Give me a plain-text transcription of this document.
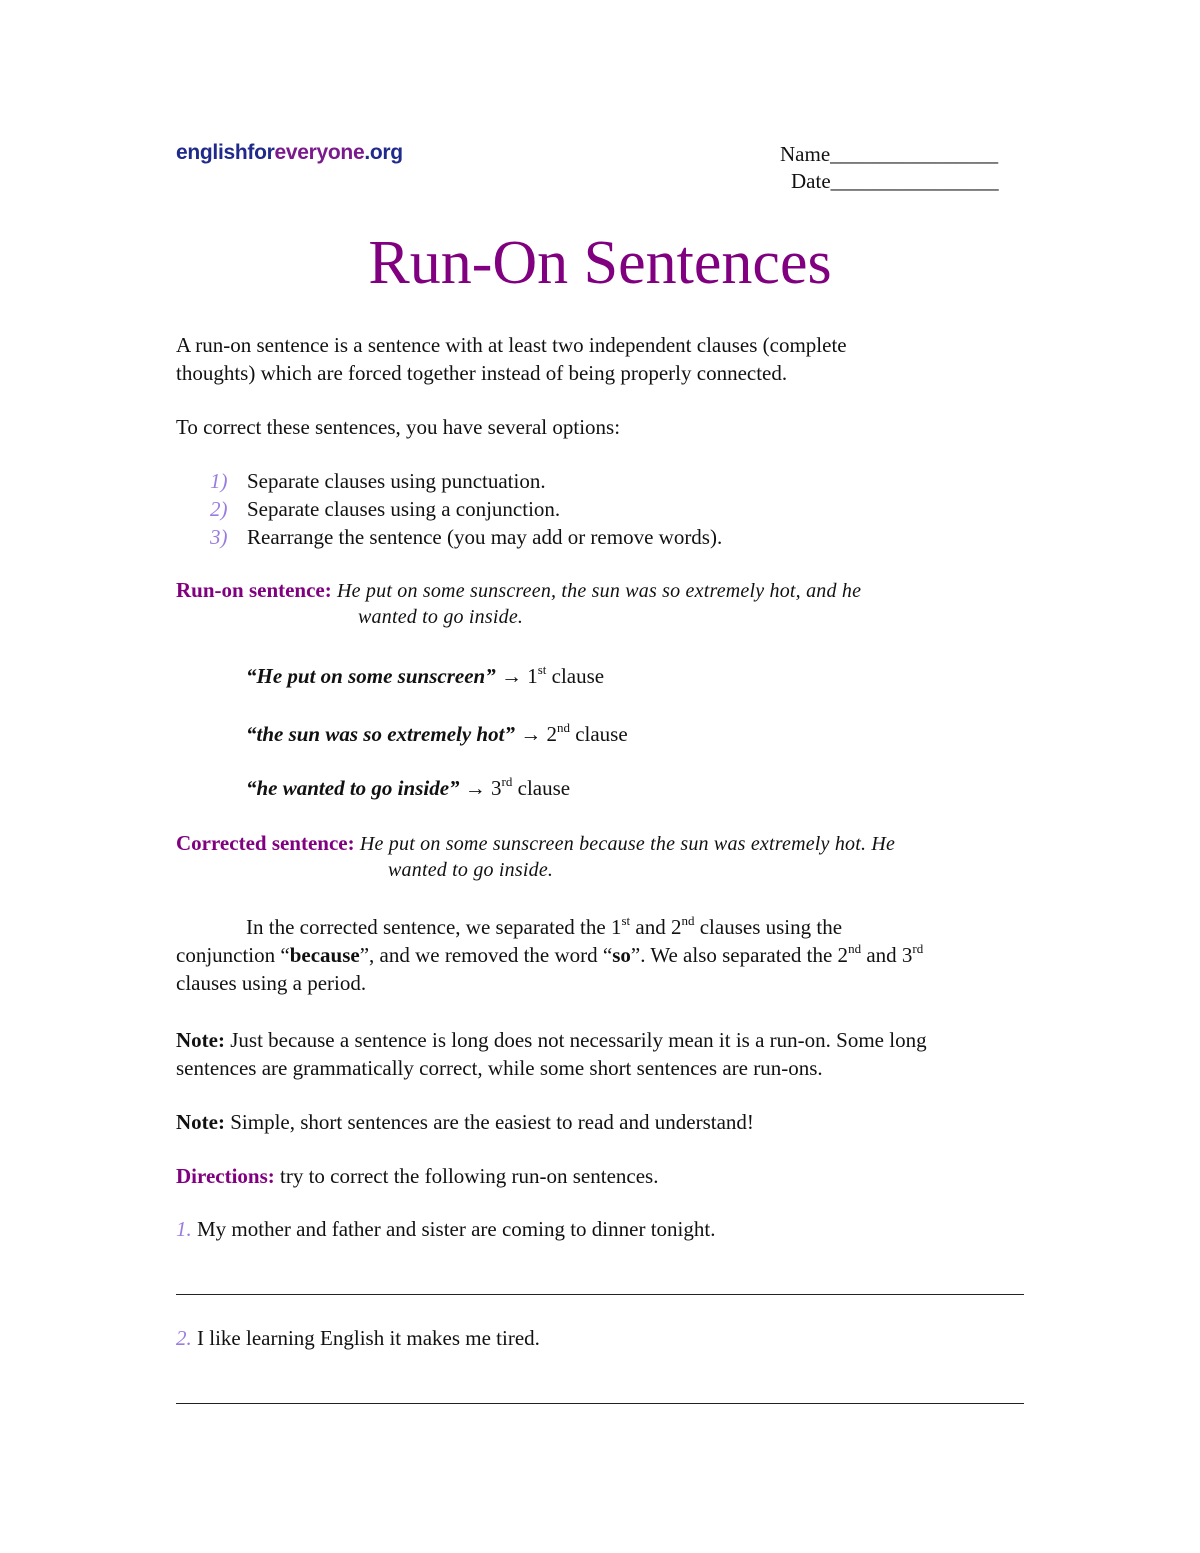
englishforeveryone.org	Name________________
Date________________
Run-On Sentences
A run-on sentence is a sentence with at least two independent clauses (complete
thoughts) which are forced together instead of being properly connected.
To correct these sentences, you have several options:
1) Separate clauses using punctuation.
2) Separate clauses using a conjunction.
3) Rearrange the sentence (you may add or remove words).
Run-on sentence: He put on some sunscreen, the sun was so extremely hot, and he
wanted to go inside.
“He put on some sunscreen” → 1st clause
“the sun was so extremely hot” → 2nd clause
“he wanted to go inside” → 3rd clause
Corrected sentence: He put on some sunscreen because the sun was extremely hot. He
wanted to go inside.
In the corrected sentence, we separated the 1st and 2nd clauses using the
conjunction “because”, and we removed the word “so”. We also separated the 2nd and 3rd
clauses using a period.
Note: Just because a sentence is long does not necessarily mean it is a run-on. Some long
sentences are grammatically correct, while some short sentences are run-ons.
Note: Simple, short sentences are the easiest to read and understand!
Directions: try to correct the following run-on sentences.
1. My mother and father and sister are coming to dinner tonight.
2. I like learning English it makes me tired.
